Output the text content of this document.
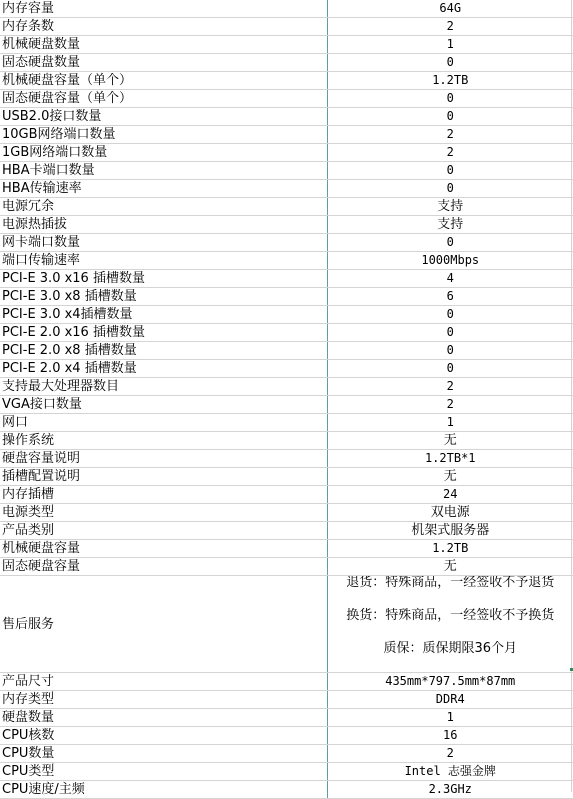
内存容量	64G
内存条数	2
机械硬盘数量	1
固态硬盘数量	0
机械硬盘容量（单个）	1.2TB
固态硬盘容量（单个）	0
USB2.0接口数量	0
10GB网络端口数量	2
1GB网络端口数量	2
HBA卡端口数量	0
HBA传输速率	0
电源冗余	支持
电源热插拔	支持
网卡端口数量	0
端口传输速率	1000Mbps
PCI-E 3.0 x16 插槽数量	4
PCI-E 3.0 x8 插槽数量	6
PCI-E 3.0 x4插槽数量	0
PCI-E 2.0 x16 插槽数量	0
PCI-E 2.0 x8 插槽数量	0
PCI-E 2.0 x4 插槽数量	0
支持最大处理器数目	2
VGA接口数量	2
网口	1
操作系统	无
硬盘容量说明	1.2TB*1
插槽配置说明	无
内存插槽	24
电源类型	双电源
产品类别	机架式服务器
机械硬盘容量	1.2TB
固态硬盘容量	无
售后服务	退货：特殊商品，一经签收不予退货
换货：特殊商品，一经签收不予换货
质保：质保期限36个月

产品尺寸	435mm*797.5mm*87mm
内存类型	DDR4
硬盘数量	1
CPU核数	16
CPU数量	2
CPU类型	Intel 志强金牌
CPU速度/主频	2.3GHz
